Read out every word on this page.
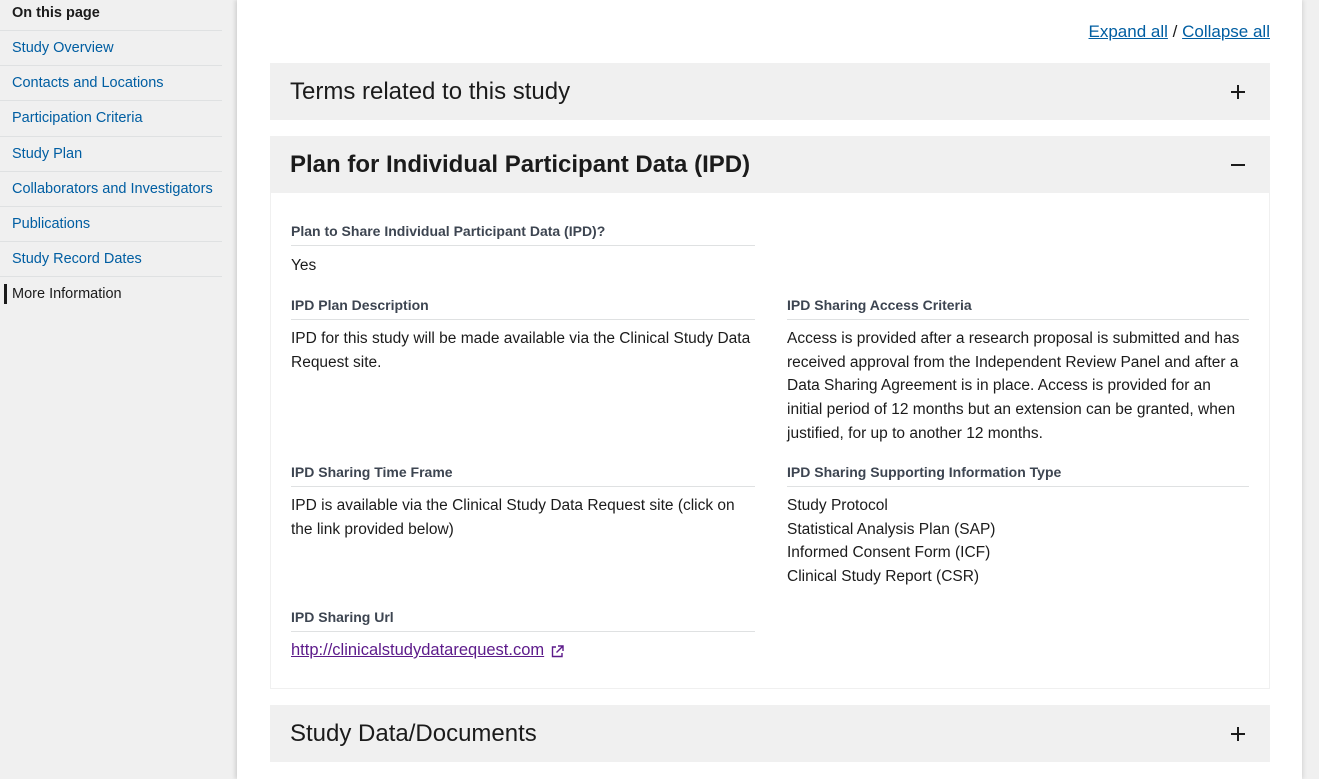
On this page
Study Overview
Contacts and Locations
Participation Criteria
Study Plan
Collaborators and Investigators
Publications
Study Record Dates
More Information
Expand all / Collapse all
Terms related to this study
Plan for Individual Participant Data (IPD)
Plan to Share Individual Participant Data (IPD)?
Yes
IPD Plan Description
IPD for this study will be made available via the Clinical Study Data Request site.
IPD Sharing Access Criteria
Access is provided after a research proposal is submitted and has received approval from the Independent Review Panel and after a Data Sharing Agreement is in place. Access is provided for an initial period of 12 months but an extension can be granted, when justified, for up to another 12 months.
IPD Sharing Time Frame
IPD is available via the Clinical Study Data Request site (click on the link provided below)
IPD Sharing Supporting Information Type
Study Protocol
Statistical Analysis Plan (SAP)
Informed Consent Form (ICF)
Clinical Study Report (CSR)
IPD Sharing Url
http://clinicalstudydatarequest.com
Study Data/Documents
